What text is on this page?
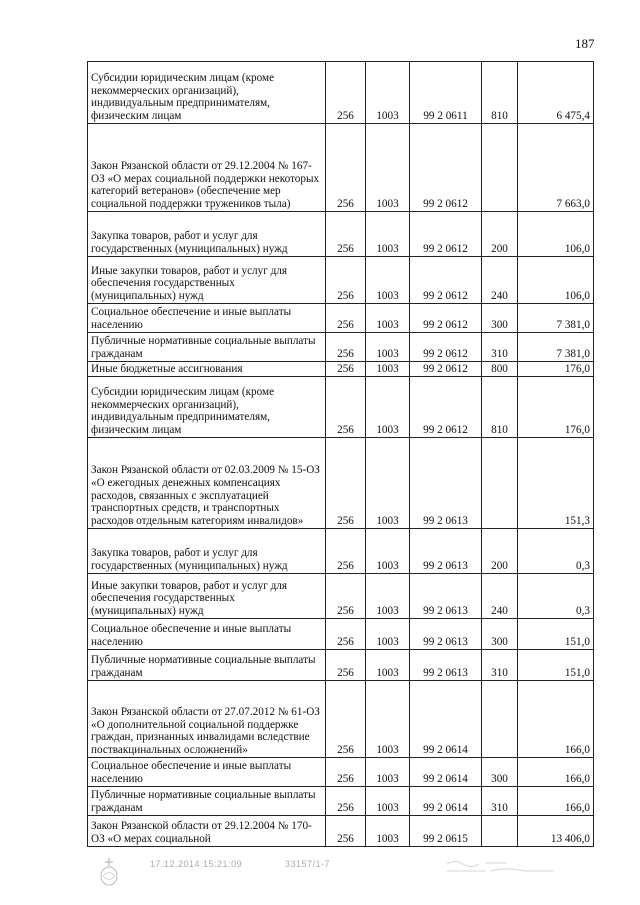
187
Субсидии юридическим лицам (кроме некоммерческих организаций), индивидуальным предпринимателям, физическим лицам	256	1003	99 2 0611	810	6 475,4
Закон Рязанской области от 29.12.2004 № 167-ОЗ «О мерах социальной поддержки некоторых категорий ветеранов» (обеспечение мер социальной поддержки тружеников тыла)	256	1003	99 2 0612		7 663,0
Закупка товаров, работ и услуг для государственных (муниципальных) нужд	256	1003	99 2 0612	200	106,0
Иные закупки товаров, работ и услуг для обеспечения государственных (муниципальных) нужд	256	1003	99 2 0612	240	106,0
Социальное обеспечение и иные выплаты населению	256	1003	99 2 0612	300	7 381,0
Публичные нормативные социальные выплаты гражданам	256	1003	99 2 0612	310	7 381,0
Иные бюджетные ассигнования	256	1003	99 2 0612	800	176,0
Субсидии юридическим лицам (кроме некоммерческих организаций), индивидуальным предпринимателям, физическим лицам	256	1003	99 2 0612	810	176,0
Закон Рязанской области от 02.03.2009 № 15-ОЗ «О ежегодных денежных компенсациях расходов, связанных с эксплуатацией транспортных средств, и транспортных расходов отдельным категориям инвалидов»	256	1003	99 2 0613		151,3
Закупка товаров, работ и услуг для государственных (муниципальных) нужд	256	1003	99 2 0613	200	0,3
Иные закупки товаров, работ и услуг для обеспечения государственных (муниципальных) нужд	256	1003	99 2 0613	240	0,3
Социальное обеспечение и иные выплаты населению	256	1003	99 2 0613	300	151,0
Публичные нормативные социальные выплаты гражданам	256	1003	99 2 0613	310	151,0
Закон Рязанской области от 27.07.2012 № 61-ОЗ «О дополнительной социальной поддержке граждан, признанных инвалидами вследствие поствакцинальных осложнений»	256	1003	99 2 0614		166,0
Социальное обеспечение и иные выплаты населению	256	1003	99 2 0614	300	166,0
Публичные нормативные социальные выплаты гражданам	256	1003	99 2 0614	310	166,0
Закон Рязанской области от 29.12.2004 № 170-ОЗ «О мерах социальной	256	1003	99 2 0615		13 406,0
17.12.2014 15:21:09	33157/1-7
